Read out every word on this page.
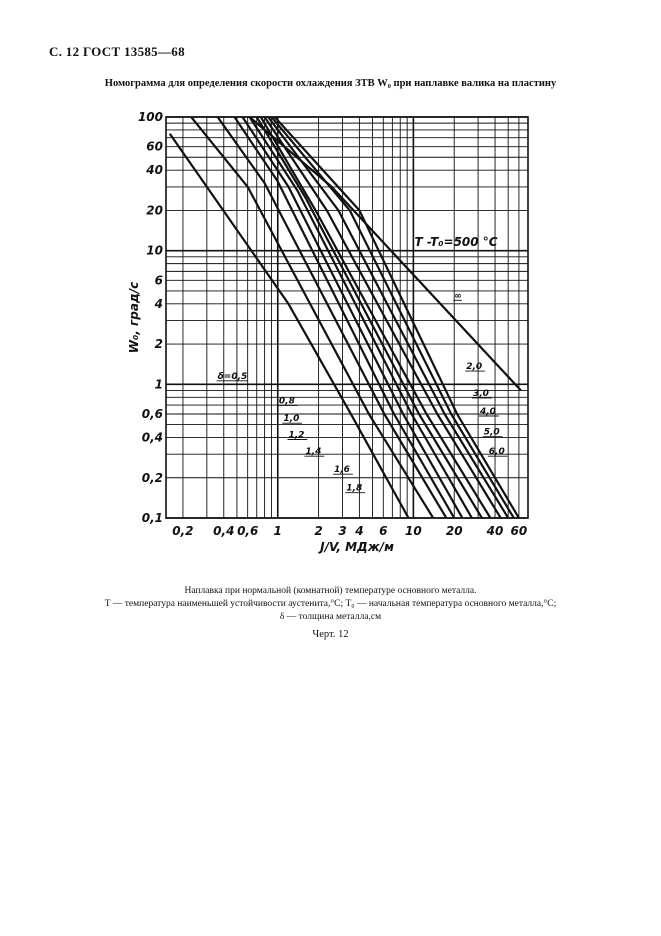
С. 12 ГОСТ 13585—68
Номограмма для определения скорости охлаждения ЗТВ W₀ при наплавке валика на пластину
δ=0,5
0,8
1,0
1,2
1,4
1,6
1,8
2,0
3,0
4,0
5,0
6,0
∞
T -T₀=500 °C
100
60
40
20
10
6
4
2
1
0,6
0,4
0,2
0,1
0,2 0,4 0,6 1	2 3 4 6 10 20 40 60
J/V, МДж/м
W₀, град/с
Наплавка при нормальной (комнатной) температуре основного металла.
Т — температура наименьшей устойчивости аустенита,°С; Т₀ — начальная температура основного металла,°С;
δ — толщина металла,см
Черт. 12
